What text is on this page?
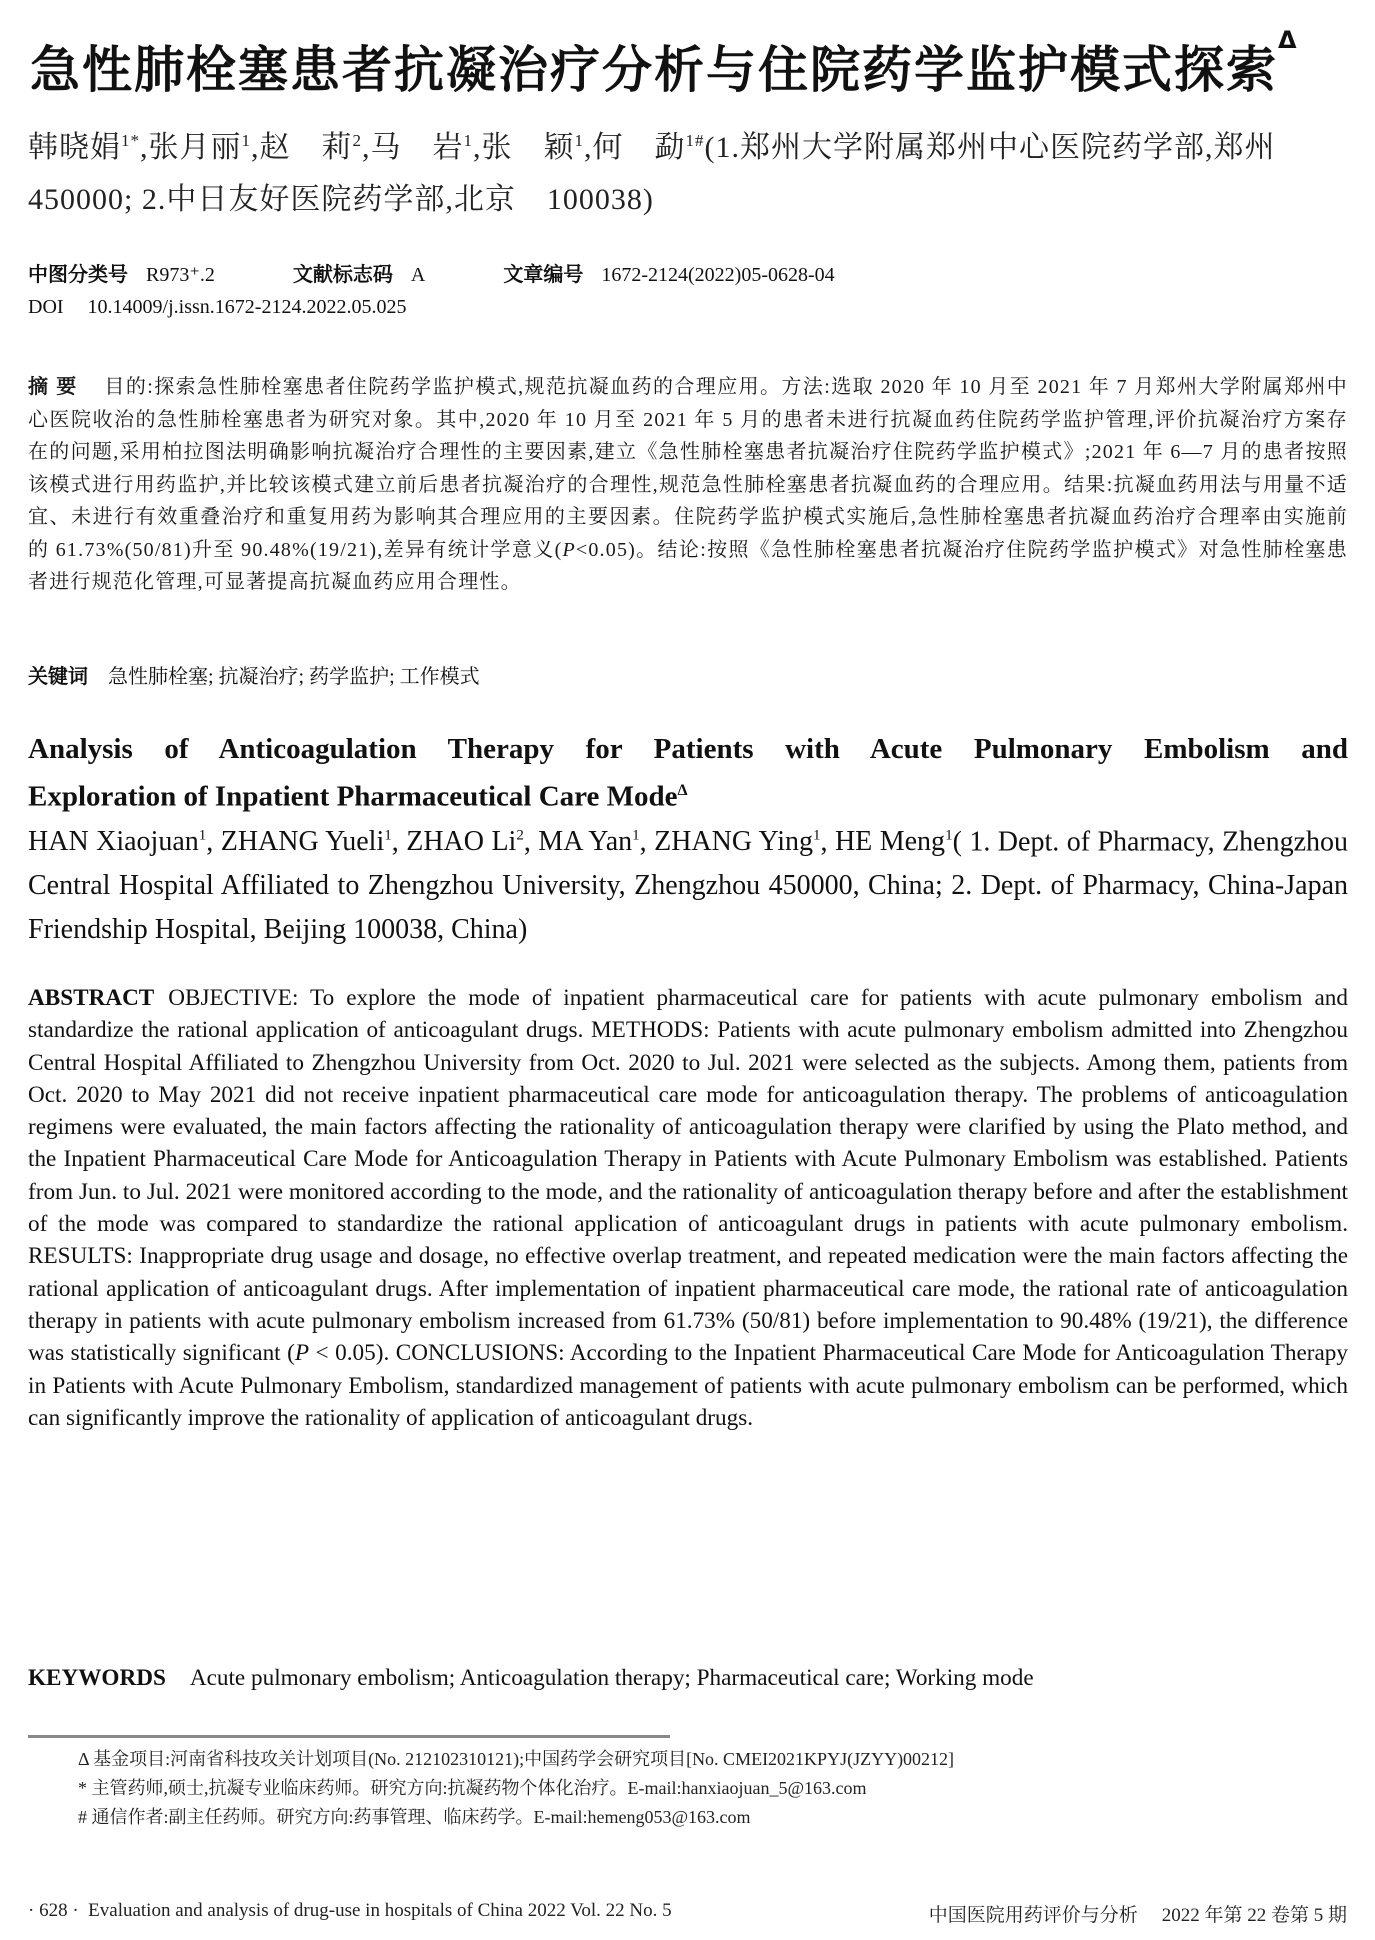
急性肺栓塞患者抗凝治疗分析与住院药学监护模式探索$^\Delta$
韩晓娟$^{1*}$,张月丽$^1$,赵　莉$^2$,马　岩$^1$,张　颖$^1$,何　勐$^{1\#}$(1.郑州大学附属郑州中心医院药学部,郑州 450000; 2.中日友好医院药学部,北京　100038)
中图分类号 R973⁺.2	文献标志码 A	文章编号 1672-2124(2022)05-0628-04
DOI 10.14009/j.issn.1672-2124.2022.05.025
摘要 目的:探索急性肺栓塞患者住院药学监护模式,规范抗凝血药的合理应用。方法:选取 2020 年 10 月至 2021 年 7 月郑州大学附属郑州中心医院收治的急性肺栓塞患者为研究对象。其中,2020 年 10 月至 2021 年 5 月的患者未进行抗凝血药住院药学监护管理,评价抗凝治疗方案存在的问题,采用柏拉图法明确影响抗凝治疗合理性的主要因素,建立《急性肺栓塞患者抗凝治疗住院药学监护模式》;2021 年 6—7 月的患者按照该模式进行用药监护,并比较该模式建立前后患者抗凝治疗的合理性,规范急性肺栓塞患者抗凝血药的合理应用。结果:抗凝血药用法与用量不适宜、未进行有效重叠治疗和重复用药为影响其合理应用的主要因素。住院药学监护模式实施后,急性肺栓塞患者抗凝血药治疗合理率由实施前的 61.73%(50/81)升至 90.48%(19/21),差异有统计学意义(P<0.05)。结论:按照《急性肺栓塞患者抗凝治疗住院药学监护模式》对急性肺栓塞患者进行规范化管理,可显著提高抗凝血药应用合理性。
关键词 急性肺栓塞; 抗凝治疗; 药学监护; 工作模式
Analysis of Anticoagulation Therapy for Patients with Acute Pulmonary Embolism and
Exploration of Inpatient Pharmaceutical Care Mode$^\Delta$
HAN Xiaojuan$^1$, ZHANG Yueli$^1$, ZHAO Li$^2$, MA Yan$^1$, ZHANG Ying$^1$, HE Meng$^1$( 1. Dept. of Pharmacy, Zhengzhou Central Hospital Affiliated to Zhengzhou University, Zhengzhou 450000, China; 2. Dept. of Pharmacy, China-Japan Friendship Hospital, Beijing 100038, China)
ABSTRACT OBJECTIVE: To explore the mode of inpatient pharmaceutical care for patients with acute pulmonary embolism and standardize the rational application of anticoagulant drugs. METHODS: Patients with acute pulmonary embolism admitted into Zhengzhou Central Hospital Affiliated to Zhengzhou University from Oct. 2020 to Jul. 2021 were selected as the subjects. Among them, patients from Oct. 2020 to May 2021 did not receive inpatient pharmaceutical care mode for anticoagulation therapy. The problems of anticoagulation regimens were evaluated, the main factors affecting the rationality of anticoagulation therapy were clarified by using the Plato method, and the Inpatient Pharmaceutical Care Mode for Anticoagulation Therapy in Patients with Acute Pulmonary Embolism was established. Patients from Jun. to Jul. 2021 were monitored according to the mode, and the rationality of anticoagulation therapy before and after the establishment of the mode was compared to standardize the rational application of anticoagulant drugs in patients with acute pulmonary embolism. RESULTS: Inappropriate drug usage and dosage, no effective overlap treatment, and repeated medication were the main factors affecting the rational application of anticoagulant drugs. After implementation of inpatient pharmaceutical care mode, the rational rate of anticoagulation therapy in patients with acute pulmonary embolism increased from 61.73% (50/81) before implementation to 90.48% (19/21), the difference was statistically significant (P < 0.05). CONCLUSIONS: According to the Inpatient Pharmaceutical Care Mode for Anticoagulation Therapy in Patients with Acute Pulmonary Embolism, standardized management of patients with acute pulmonary embolism can be performed, which can significantly improve the rationality of application of anticoagulant drugs.
KEYWORDS Acute pulmonary embolism; Anticoagulation therapy; Pharmaceutical care; Working mode
Δ 基金项目:河南省科技攻关计划项目(No. 212102310121);中国药学会研究项目[No. CMEI2021KPYJ(JZYY)00212]
* 主管药师,硕士,抗凝专业临床药师。研究方向:抗凝药物个体化治疗。E-mail:hanxiaojuan_5@163.com
# 通信作者:副主任药师。研究方向:药事管理、临床药学。E-mail:hemeng053@163.com
· 628 · Evaluation and analysis of drug-use in hospitals of China 2022 Vol. 22 No. 5	中国医院用药评价与分析 2022 年第 22 卷第 5 期
